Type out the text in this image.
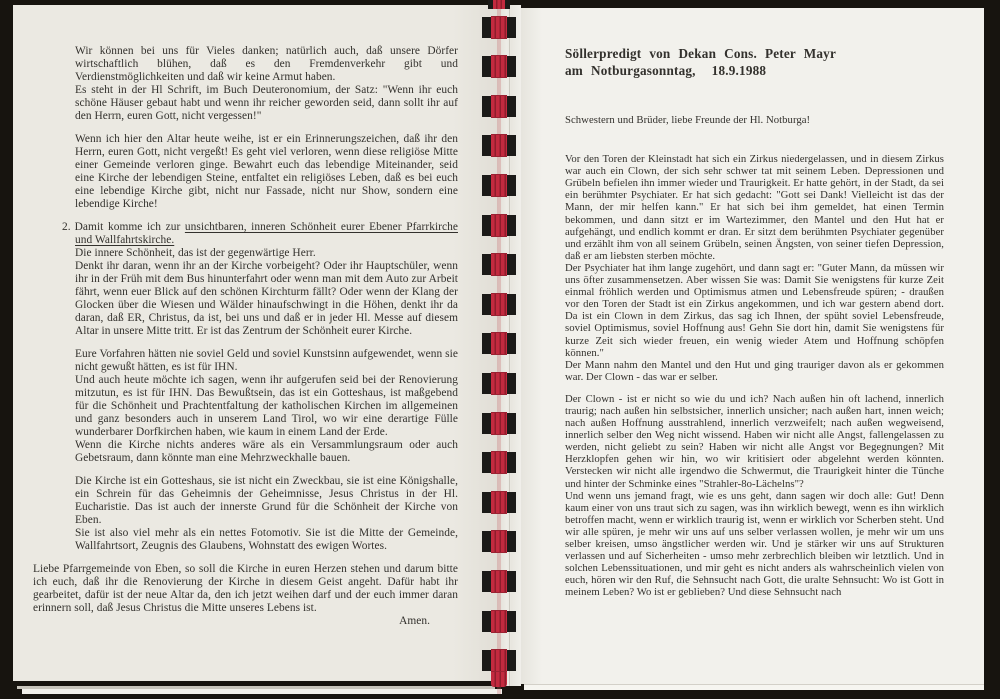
Wir können bei uns für Vieles danken; natürlich auch, daß unsere Dörfer wirtschaftlich blühen, daß es den Fremdenverkehr gibt und Verdienstmöglichkeiten und daß wir keine Armut haben.

Es steht in der Hl Schrift, im Buch Deuteronomium, der Satz: "Wenn ihr euch schöne Häuser gebaut habt und wenn ihr reicher geworden seid, dann sollt ihr auf den Herrn, euren Gott, nicht vergessen!"

Wenn ich hier den Altar heute weihe, ist er ein Erinnerungszeichen, daß ihr den Herrn, euren Gott, nicht vergeßt! Es geht viel verloren, wenn diese religiöse Mitte einer Gemeinde verloren ginge. Bewahrt euch das lebendige Miteinander, seid eine Kirche der lebendigen Steine, entfaltet ein religiöses Leben, daß es bei euch eine lebendige Kirche gibt, nicht nur Fassade, nicht nur Show, sondern eine lebendige Kirche!

2. Damit komme ich zur unsichtbaren, inneren Schönheit eurer Ebener Pfarrkirche und Wallfahrtskirche.

Die innere Schönheit, das ist der gegenwärtige Herr.

Denkt ihr daran, wenn ihr an der Kirche vorbeigeht? Oder ihr Hauptschüler, wenn ihr in der Früh mit dem Bus hinunterfahrt oder wenn man mit dem Auto zur Arbeit fährt, wenn euer Blick auf den schönen Kirchturm fällt? Oder wenn der Klang der Glocken über die Wiesen und Wälder hinaufschwingt in die Höhen, denkt ihr da daran, daß ER, Christus, da ist, bei uns und daß er in jeder Hl. Messe auf diesem Altar in unsere Mitte tritt. Er ist das Zentrum der Schönheit eurer Kirche.

Eure Vorfahren hätten nie soviel Geld und soviel Kunstsinn aufgewendet, wenn sie nicht gewußt hätten, es ist für IHN.

Und auch heute möchte ich sagen, wenn ihr aufgerufen seid bei der Renovierung mitzutun, es ist für IHN. Das Bewußtsein, das ist ein Gotteshaus, ist maßgebend für die Schönheit und Prachtentfaltung der katholischen Kirchen im allgemeinen und ganz besonders auch in unserem Land Tirol, wo wir eine derartige Fülle wunderbarer Dorfkirchen haben, wie kaum in einem Land der Erde.

Wenn die Kirche nichts anderes wäre als ein Versammlungsraum oder auch Gebetsraum, dann könnte man eine Mehrzweckhalle bauen.

Die Kirche ist ein Gotteshaus, sie ist nicht ein Zweckbau, sie ist eine Königshalle, ein Schrein für das Geheimnis der Geheimnisse, Jesus Christus in der Hl. Eucharistie. Das ist auch der innerste Grund für die Schönheit der Kirche von Eben.

Sie ist also viel mehr als ein nettes Fotomotiv. Sie ist die Mitte der Gemeinde, Wallfahrtsort, Zeugnis des Glaubens, Wohnstatt des ewigen Wortes.

Liebe Pfarrgemeinde von Eben, so soll die Kirche in euren Herzen stehen und darum bitte ich euch, daß ihr die Renovierung der Kirche in diesem Geist angeht. Dafür habt ihr gearbeitet, dafür ist der neue Altar da, den ich jetzt weihen darf und der euch immer daran erinnern soll, daß Jesus Christus die Mitte unseres Lebens ist.

Amen.

Söllerpredigt von Dekan Cons. Peter Mayr
am Notburgasonntag,  18.9.1988

Schwestern und Brüder, liebe Freunde der Hl. Notburga!

Vor den Toren der Kleinstadt hat sich ein Zirkus niedergelassen, und in diesem Zirkus war auch ein Clown, der sich sehr schwer tat mit seinem Leben. Depressionen und Grübeln befielen ihn immer wieder und Traurigkeit. Er hatte gehört, in der Stadt, da sei ein berühmter Psychiater. Er hat sich gedacht: "Gott sei Dank! Vielleicht ist das der Mann, der mir helfen kann." Er hat sich bei ihm gemeldet, hat einen Termin bekommen, und dann sitzt er im Wartezimmer, den Mantel und den Hut hat er aufgehängt, und endlich kommt er dran. Er sitzt dem berühmten Psychiater gegenüber und erzählt ihm von all seinem Grübeln, seinen Ängsten, von seiner tiefen Depression, daß er am liebsten sterben möchte.

Der Psychiater hat ihm lange zugehört, und dann sagt er: "Guter Mann, da müssen wir uns öfter zusammensetzen. Aber wissen Sie was: Damit Sie wenigstens für kurze Zeit einmal fröhlich werden und Optimismus atmen und Lebensfreude spüren; - draußen vor den Toren der Stadt ist ein Zirkus angekommen, und ich war gestern abend dort. Da ist ein Clown in dem Zirkus, das sag ich Ihnen, der spüht soviel Lebensfreude, soviel Optimismus, soviel Hoffnung aus! Gehn Sie dort hin, damit Sie wenigstens für kurze Zeit sich wieder freuen, ein wenig wieder Atem und Hoffnung schöpfen können."

Der Mann nahm den Mantel und den Hut und ging trauriger davon als er gekommen war. Der Clown - das war er selber.

Der Clown - ist er nicht so wie du und ich? Nach außen hin oft lachend, innerlich traurig; nach außen hin selbstsicher, innerlich unsicher; nach außen hart, innen weich; nach außen Hoffnung ausstrahlend, innerlich verzweifelt; nach außen wegweisend, innerlich selber den Weg nicht wissend. Haben wir nicht alle Angst, fallengelassen zu werden, nicht geliebt zu sein? Haben wir nicht alle Angst vor Begegnungen? Mit Herzklopfen gehen wir hin, wo wir kritisiert oder abgelehnt werden könnten. Verstecken wir nicht alle irgendwo die Schwermut, die Traurigkeit hinter die Tünche und hinter der Schminke eines "Strahler-8o-Lächelns"?

Und wenn uns jemand fragt, wie es uns geht, dann sagen wir doch alle: Gut! Denn kaum einer von uns traut sich zu sagen, was ihn wirklich bewegt, wenn es ihn wirklich betroffen macht, wenn er wirklich traurig ist, wenn er wirklich vor Scherben steht. Und wir alle spüren, je mehr wir uns auf uns selber verlassen wollen, je mehr wir um uns selber kreisen, umso ängstlicher werden wir. Und je stärker wir uns auf Strukturen verlassen und auf Sicherheiten - umso mehr zerbrechlich bleiben wir letztlich. Und in solchen Lebenssituationen, und mir geht es nicht anders als wahrscheinlich vielen von euch, hören wir den Ruf, die Sehnsucht nach Gott, die uralte Sehnsucht: Wo ist Gott in meinem Leben? Wo ist er geblieben? Und diese Sehnsucht nach
